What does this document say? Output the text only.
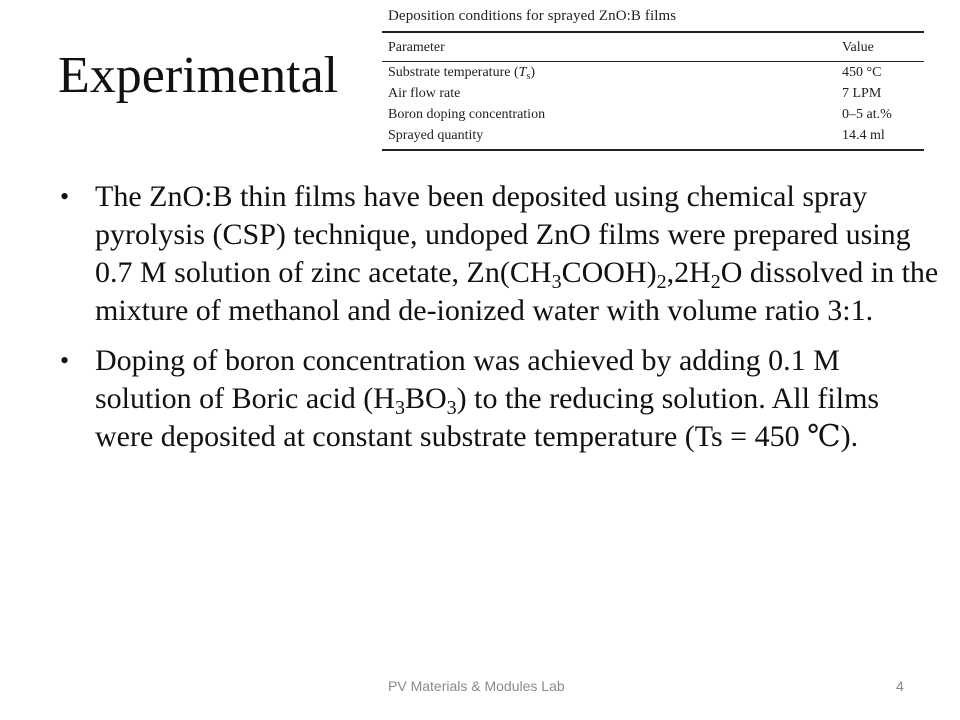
Experimental
Deposition conditions for sprayed ZnO:B films
Parameter	Value
Substrate temperature $(T_s)$	450 °C
Air flow rate	7 LPM
Boron doping concentration	0–5 at.%
Sprayed quantity	14.4 ml
• The ZnO:B thin films have been deposited using chemical spray pyrolysis (CSP) technique, undoped ZnO films were prepared using 0.7 M solution of zinc acetate, $Zn(CH_3COOH)_2,2H_2O$ dissolved in the mixture of methanol and de-ionized water with volume ratio 3:1.
• Doping of boron concentration was achieved by adding 0.1 M solution of Boric acid $(H_3BO_3)$ to the reducing solution. All films were deposited at constant substrate temperature (Ts = 450 ℃).
PV Materials & Modules Lab	4
